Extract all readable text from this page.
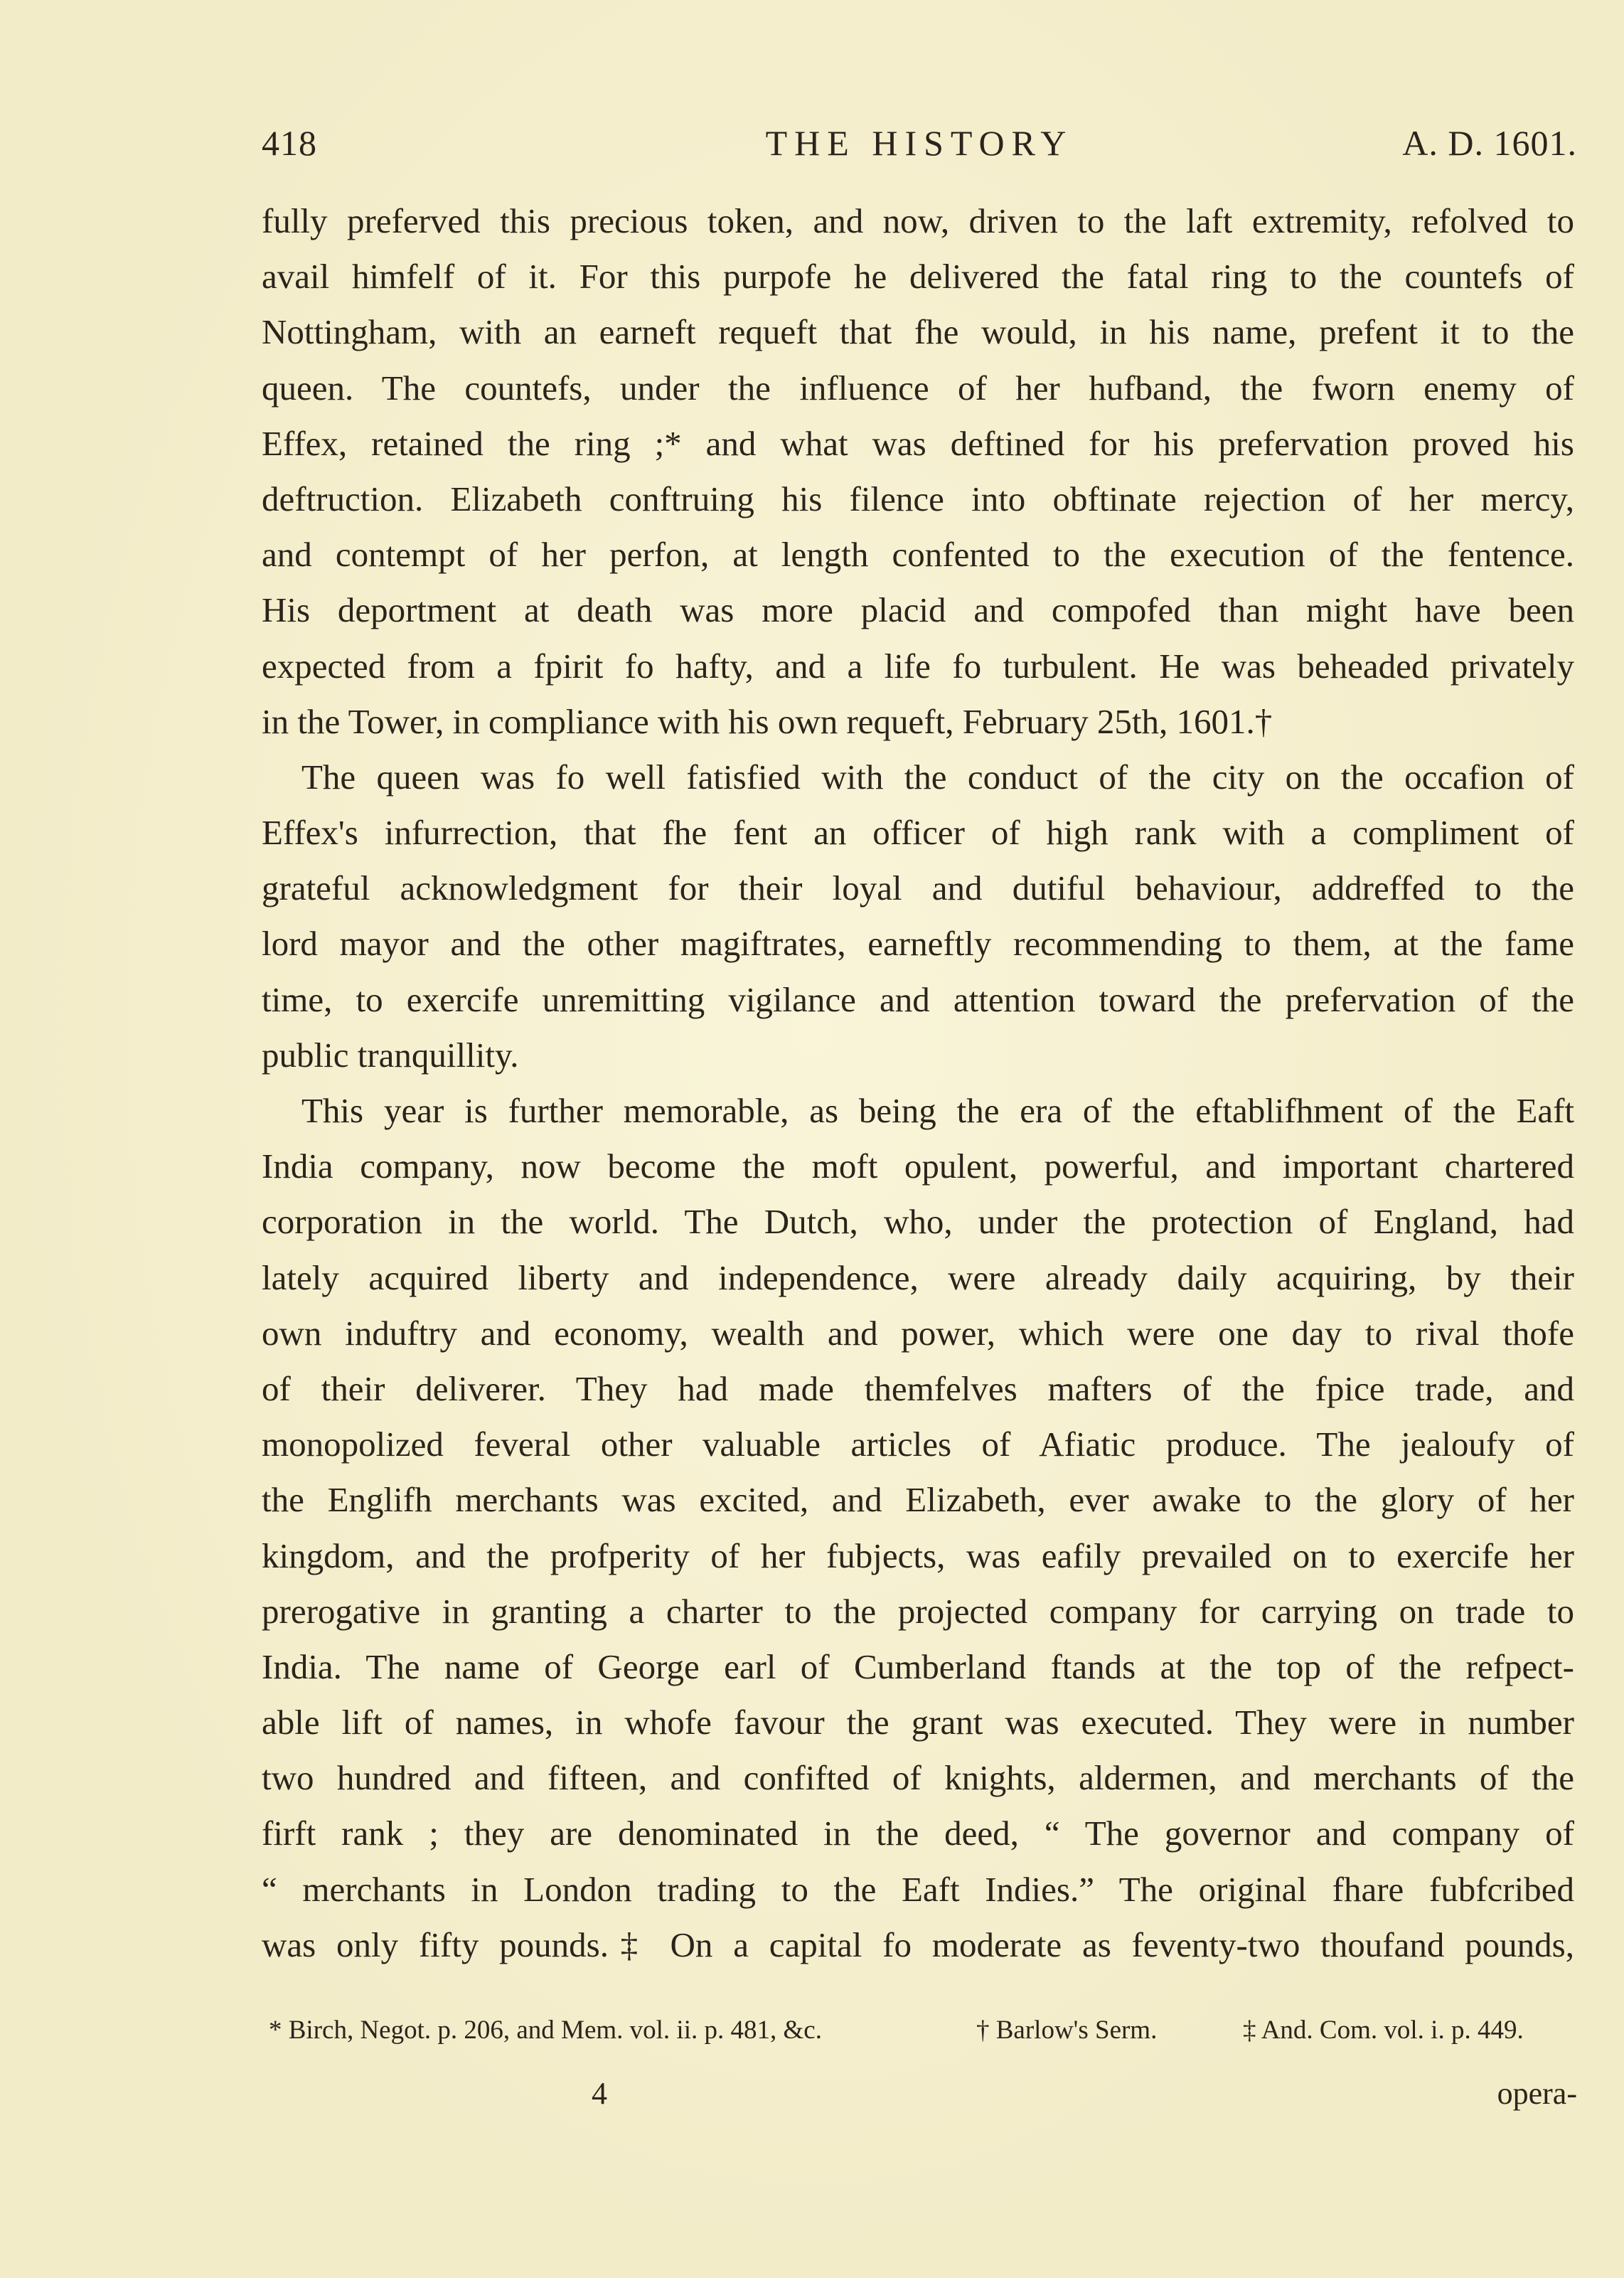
418	THE HISTORY	A. D. 1601.
fully preferved this precious token, and now, driven to the laft extremity, refolved to
avail himfelf of it. For this purpofe he delivered the fatal ring to the countefs of
Nottingham, with an earneft requeft that fhe would, in his name, prefent it to the
queen. The countefs, under the influence of her hufband, the fworn enemy of
Effex, retained the ring ;* and what was deftined for his prefervation proved his
deftruction. Elizabeth conftruing his filence into obftinate rejection of her mercy,
and contempt of her perfon, at length confented to the execution of the fentence.
His deportment at death was more placid and compofed than might have been
expected from a fpirit fo hafty, and a life fo turbulent. He was beheaded privately
in the Tower, in compliance with his own requeft, February 25th, 1601.†
The queen was fo well fatisfied with the conduct of the city on the occafion of
Effex's infurrection, that fhe fent an officer of high rank with a compliment of
grateful acknowledgment for their loyal and dutiful behaviour, addreffed to the
lord mayor and the other magiftrates, earneftly recommending to them, at the fame
time, to exercife unremitting vigilance and attention toward the prefervation of the
public tranquillity.
This year is further memorable, as being the era of the eftablifhment of the Eaft
India company, now become the moft opulent, powerful, and important chartered
corporation in the world. The Dutch, who, under the protection of England, had
lately acquired liberty and independence, were already daily acquiring, by their
own induftry and economy, wealth and power, which were one day to rival thofe
of their deliverer. They had made themfelves mafters of the fpice trade, and
monopolized feveral other valuable articles of Afiatic produce. The jealoufy of
the Englifh merchants was excited, and Elizabeth, ever awake to the glory of her
kingdom, and the profperity of her fubjects, was eafily prevailed on to exercife her
prerogative in granting a charter to the projected company for carrying on trade to
India. The name of George earl of Cumberland ftands at the top of the refpect-
able lift of names, in whofe favour the grant was executed. They were in number
two hundred and fifteen, and confifted of knights, aldermen, and merchants of the
firft rank ; they are denominated in the deed, “ The governor and company of
“ merchants in London trading to the Eaft Indies.” The original fhare fubfcribed
was only fifty pounds.‡ On a capital fo moderate as feventy-two thoufand pounds,
* Birch, Negot. p. 206, and Mem. vol. ii. p. 481, &c.	† Barlow's Serm.	‡ And. Com. vol. i. p. 449.
4	opera-
